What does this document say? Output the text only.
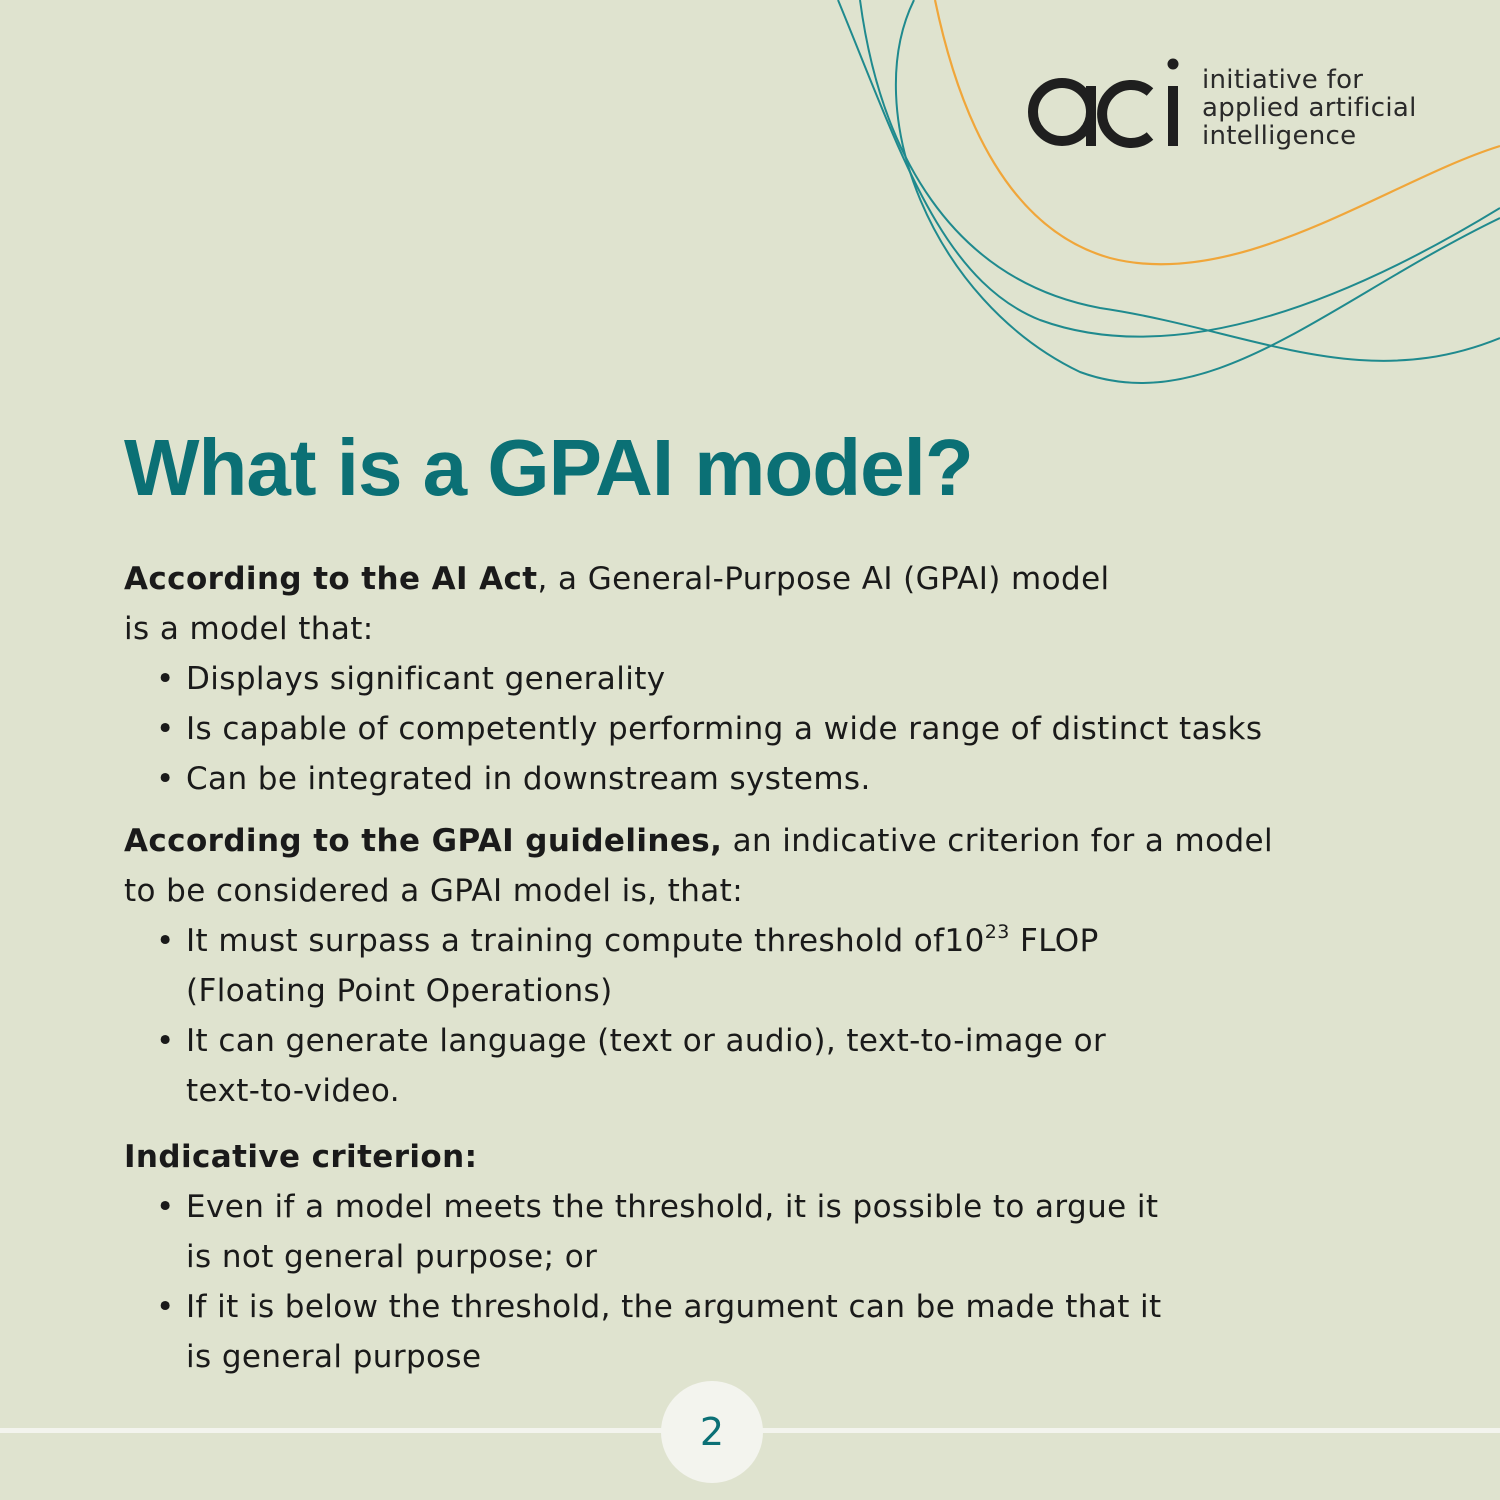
initiative for
applied artificial
intelligence
What is a GPAI model?

According to the AI Act, a General-Purpose AI (GPAI) model
is a model that:

• Displays significant generality
• Is capable of competently performing a wide range of distinct tasks
• Can be integrated in downstream systems.

According to the GPAI guidelines, an indicative criterion for a model
to be considered a GPAI model is, that:

• It must surpass a training compute threshold $of10^{23}$ FLOP
(Floating Point Operations)
• It can generate language (text or audio), text-to-image or
text-to-video.

Indicative criterion:

• Even if a model meets the threshold, it is possible to argue it
is not general purpose; or
• If it is below the threshold, the argument can be made that it
is general purpose
2
